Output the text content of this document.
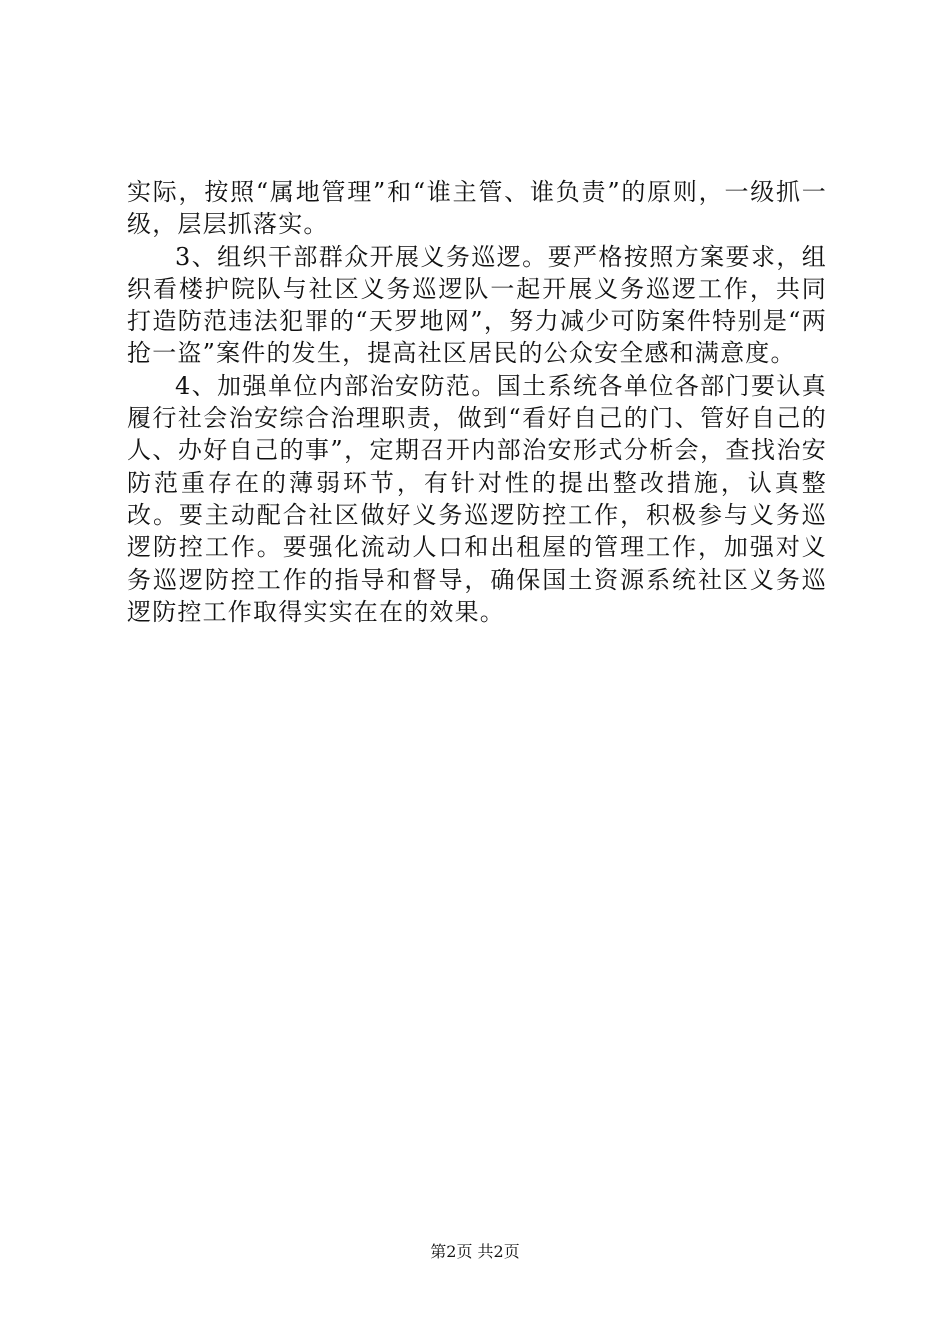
实际，按照“属地管理”和“谁主管、谁负责”的原则，一级抓一级，层层抓落实。

3、组织干部群众开展义务巡逻。要严格按照方案要求，组织看楼护院队与社区义务巡逻队一起开展义务巡逻工作，共同打造防范违法犯罪的“天罗地网”，努力减少可防案件特别是“两抢一盗”案件的发生，提高社区居民的公众安全感和满意度。

4、加强单位内部治安防范。国土系统各单位各部门要认真履行社会治安综合治理职责，做到“看好自己的门、管好自己的人、办好自己的事”，定期召开内部治安形式分析会，查找治安防范重存在的薄弱环节，有针对性的提出整改措施，认真整改。要主动配合社区做好义务巡逻防控工作，积极参与义务巡逻防控工作。要强化流动人口和出租屋的管理工作，加强对义务巡逻防控工作的指导和督导，确保国土资源系统社区义务巡逻防控工作取得实实在在的效果。

第2页 共2页
